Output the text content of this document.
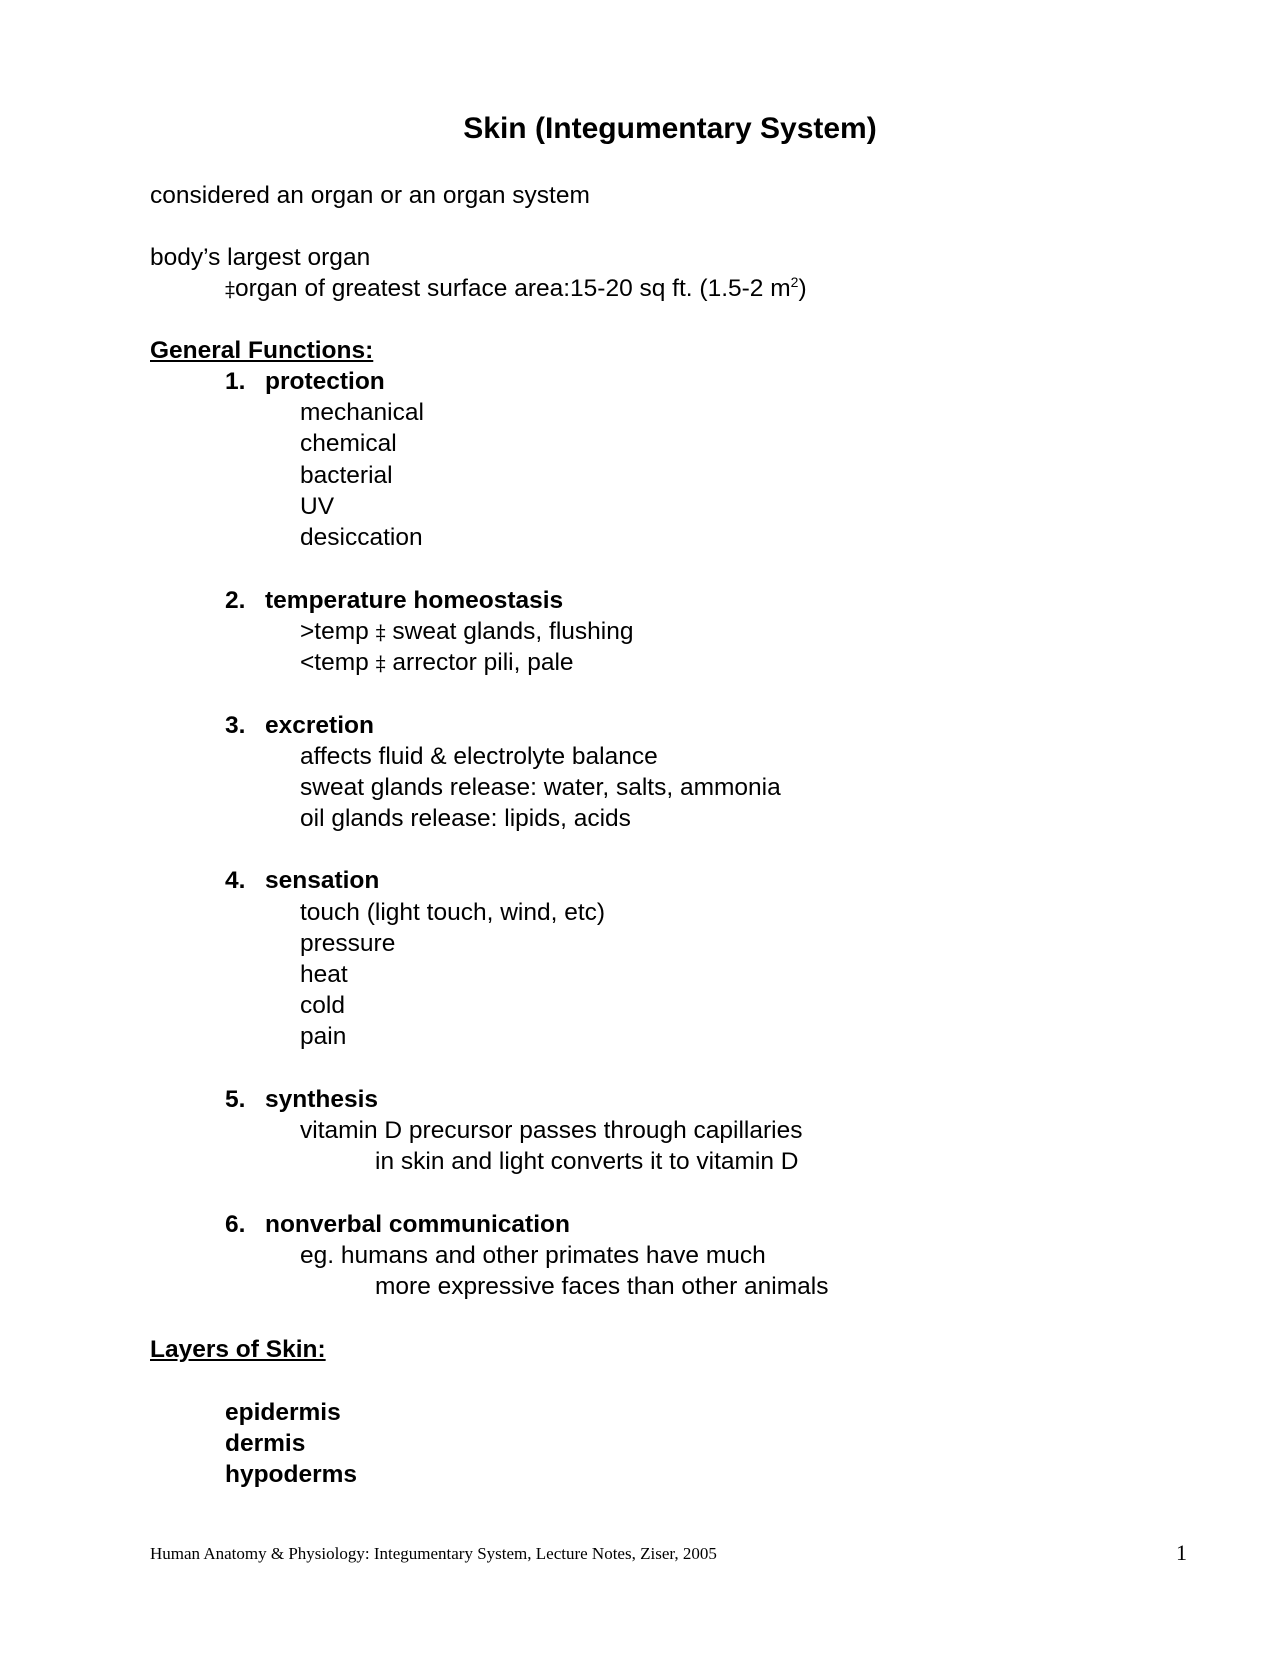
Skin (Integumentary System)
considered an organ or an organ system
body’s largest organ
‡organ of greatest surface area:15-20 sq ft. (1.5-2 $m^2$)
General Functions:
1. protection
mechanical
chemical
bacterial
UV
desiccation
2. temperature homeostasis
>temp ‡ sweat glands, flushing
<temp ‡ arrector pili, pale
3. excretion
affects fluid & electrolyte balance
sweat glands release: water, salts, ammonia
oil glands release: lipids, acids
4. sensation
touch (light touch, wind, etc)
pressure
heat
cold
pain
5. synthesis
vitamin D precursor passes through capillaries
in skin and light converts it to vitamin D
6. nonverbal communication
eg. humans and other primates have much
more expressive faces than other animals
Layers of Skin:
epidermis
dermis
hypoderms
Human Anatomy & Physiology: Integumentary System, Lecture Notes, Ziser, 2005	1
